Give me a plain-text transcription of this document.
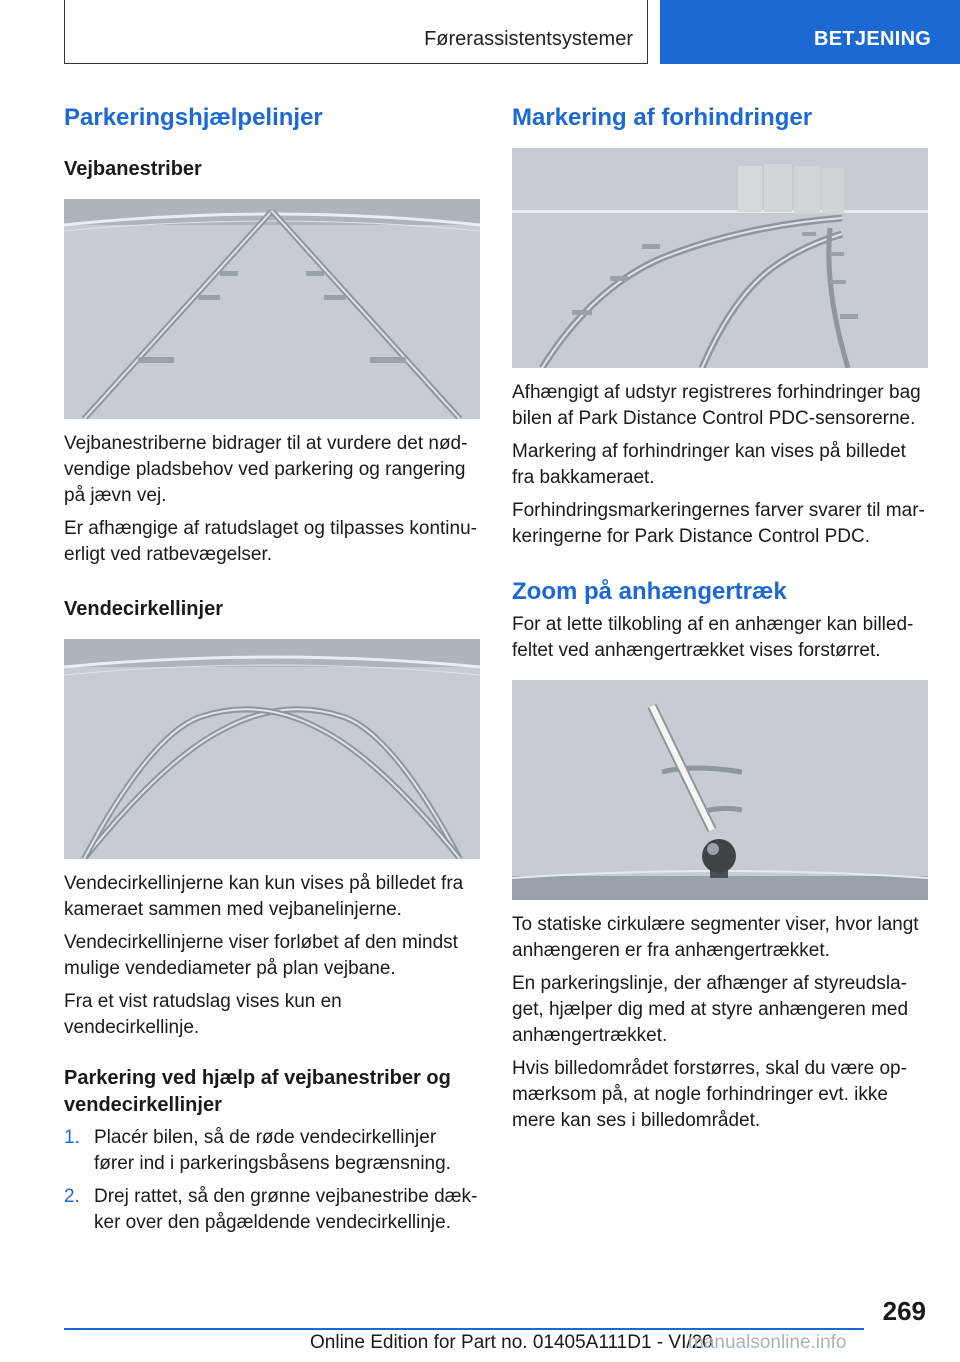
Førerassistentsystemer	BETJENING
Parkeringshjælpelinjer
Vejbanestriber

Vejbanestriberne bidrager til at vurdere det nødvendige pladsbehov ved parkering og rangering på jævn vej.

Er afhængige af ratudslaget og tilpasses kontinuerligt ved ratbevægelser.

Vendecirkellinjer

Vendecirkellinjerne kan kun vises på billedet fra kameraet sammen med vejbanelinjerne.

Vendecirkellinjerne viser forløbet af den mindst mulige vendediameter på plan vejbane.

Fra et vist ratudslag vises kun en vendecirkellinje.

Parkering ved hjælp af vejbanestriber og vendecirkellinjer
1. Placér bilen, så de røde vendecirkellinjer fører ind i parkeringsbåsens begrænsning.
2. Drej rattet, så den grønne vejbanestribe dækker over den pågældende vendecirkellinje.
Markering af forhindringer

Afhængigt af udstyr registreres forhindringer bag bilen af Park Distance Control PDC-sensorerne.

Markering af forhindringer kan vises på billedet fra bakkameraet.

Forhindringsmarkeringernes farver svarer til markeringerne for Park Distance Control PDC.

Zoom på anhængertræk

For at lette tilkobling af en anhænger kan billedfeltet ved anhængertrækket vises forstørret.

To statiske cirkulære segmenter viser, hvor langt anhængeren er fra anhængertrækket.

En parkeringslinje, der afhænger af styreudslaget, hjælper dig med at styre anhængeren med anhængertrækket.

Hvis billedområdet forstørres, skal du være opmærksom på, at nogle forhindringer evt. ikke mere kan ses i billedområdet.

269
Online Edition for Part no. 01405A111D1 - VI/20
manualsonline.info
